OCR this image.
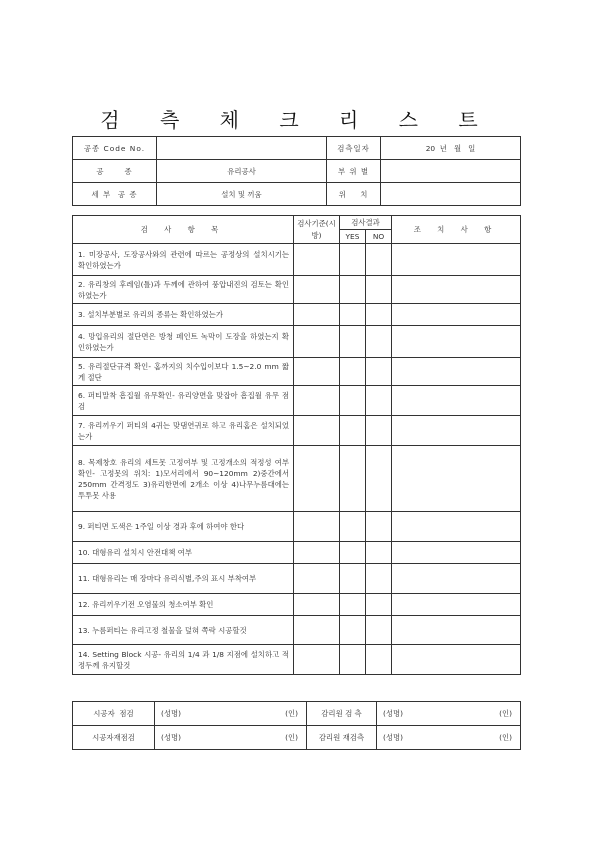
검 측 체 크 리 스 트
공종 Code No.		검측일자	20  년   월   일
공      종	유리공사	부 위 별	
세 부  공 종	설치 및 끼움	위    치	
검 사 항 목	검사기준(시방)	검사결과		조 치 사 항
		YES	NO	
1. 미장공사, 도장공사와의 관련에 따르는 공정상의 설치시기는 확인하였는가				
2. 유리창의 후레임(틀)과 두께에 관하여 풍압내진의 검토는 확인하였는가				
3. 설치부분별로 유리의 종류는 확인하였는가				
4. 망입유리의 절단면은 방청 페인트 녹막이 도장을 하였는지 확인하였는가				
5. 유리절단규격 확인- 홈까지의 치수입이보다 1.5~2.0 mm 짧게 절단				
6. 퍼티말착 흠집월 유무확인- 유리양면을 맞잡아 흠집월 유무 점검				
7. 유리끼우기 퍼티의 4귀는 맞댐연귀로 하고 유리홈은 설치되었는가				
8. 목제창호 유리의 세트못 고정여부 및 고정개소의 적정성 여부확인- 고정못의 위치: 1)모서리에서 90~120mm 2)중간에서 250mm 간격정도 3)유리한면에 2개소 이상 4)나무누름대에는 투투못 사용				
9. 퍼티면 도색은 1주일 이상 경과 후에 하여야 한다				
10. 대형유리 설치시 안전대책 여부				
11. 대형유리는 매 장마다 유리식별,주의 표시 부착여부				
12. 유리끼우기전 오염물의 청소여부 확인				
13. 누름퍼티는 유리고정 철물을 덮혀 쪽락 시공할것				
14. Setting Block 시공- 유리의 1/4 과 1/8 지점에 설치하고 적정두께 유지할것				
시공자  점검	(성명) (인)	감리원 검 측	(성명) (인)

시공자재점검	(성명) (인)	감리원 재검측	(성명) (인)
